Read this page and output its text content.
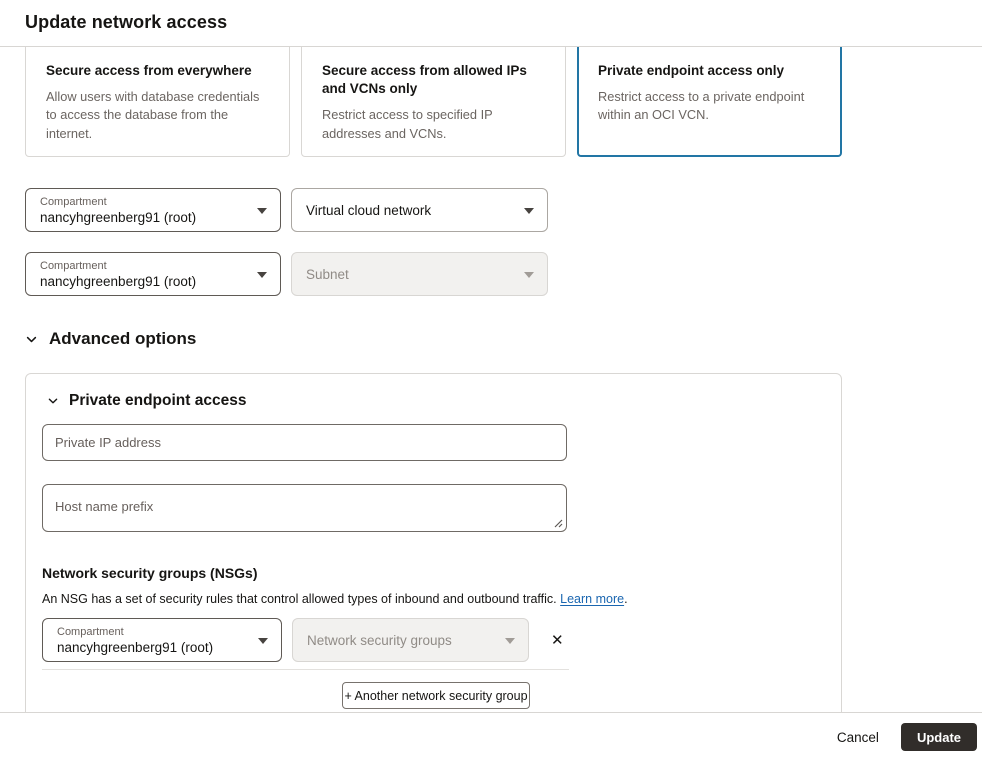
Update network access
Secure access from everywhere
Allow users with database credentials to access the database from the internet.
Secure access from allowed IPs and VCNs only
Restrict access to specified IP addresses and VCNs.
Private endpoint access only
Restrict access to a private endpoint within an OCI VCN.
Compartment
nancyhgreenberg91 (root)
Virtual cloud network
Compartment
nancyhgreenberg91 (root)
Subnet
Advanced options
Private endpoint access
Private IP address
Host name prefix
Network security groups (NSGs)
An NSG has a set of security rules that control allowed types of inbound and outbound traffic. Learn more.
Compartment
nancyhgreenberg91 (root)
Network security groups	✕
+ Another network security group
Cancel	Update
